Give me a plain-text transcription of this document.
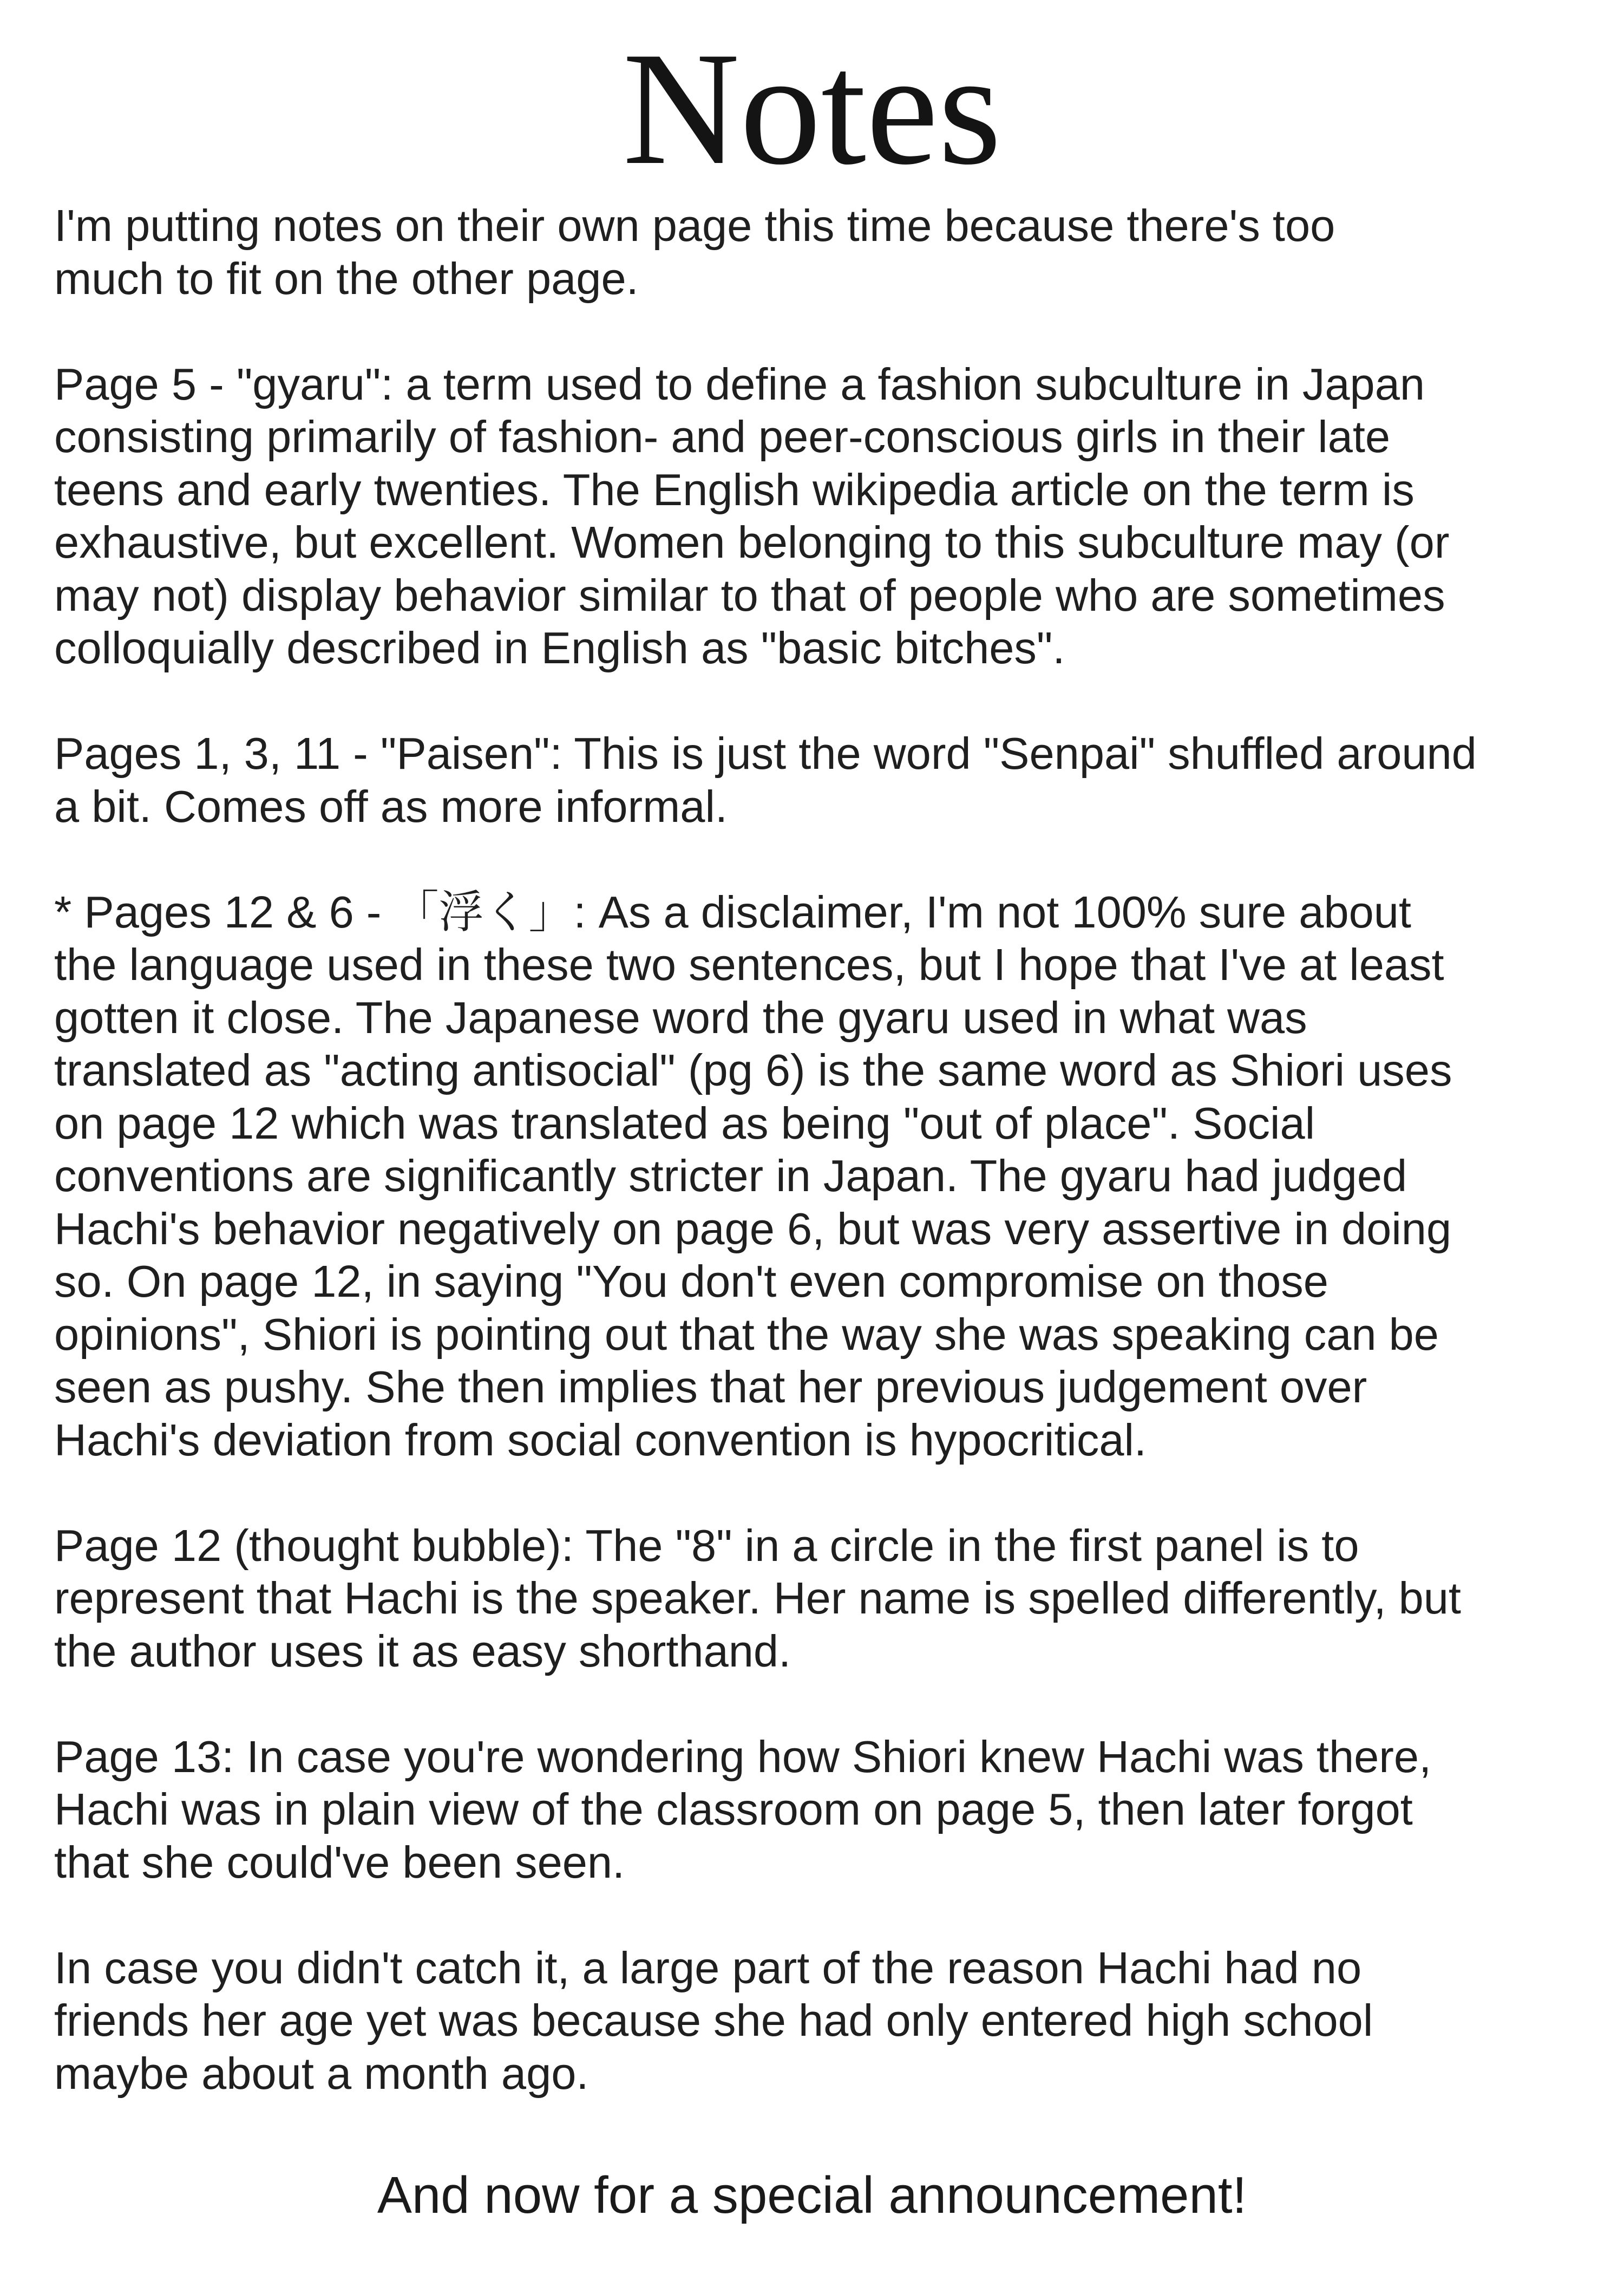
Notes

I'm putting notes on their own page this time because there's too
much to fit on the other page.

Page 5 - "gyaru": a term used to define a fashion subculture in Japan
consisting primarily of fashion- and peer-conscious girls in their late
teens and early twenties. The English wikipedia article on the term is
exhaustive, but excellent. Women belonging to this subculture may (or
may not) display behavior similar to that of people who are sometimes
colloquially described in English as "basic bitches".

Pages 1, 3, 11 - "Paisen": This is just the word "Senpai" shuffled around
a bit. Comes off as more informal.

* Pages 12 & 6 - 「浮く」: As a disclaimer, I'm not 100% sure about
the language used in these two sentences, but I hope that I've at least
gotten it close. The Japanese word the gyaru used in what was
translated as "acting antisocial" (pg 6) is the same word as Shiori uses
on page 12 which was translated as being "out of place". Social
conventions are significantly stricter in Japan. The gyaru had judged
Hachi's behavior negatively on page 6, but was very assertive in doing
so. On page 12, in saying "You don't even compromise on those
opinions", Shiori is pointing out that the way she was speaking can be
seen as pushy. She then implies that her previous judgement over
Hachi's deviation from social convention is hypocritical.

Page 12 (thought bubble): The "8" in a circle in the first panel is to
represent that Hachi is the speaker. Her name is spelled differently, but
the author uses it as easy shorthand.

Page 13: In case you're wondering how Shiori knew Hachi was there,
Hachi was in plain view of the classroom on page 5, then later forgot
that she could've been seen.

In case you didn't catch it, a large part of the reason Hachi had no
friends her age yet was because she had only entered high school
maybe about a month ago.

And now for a special announcement!
